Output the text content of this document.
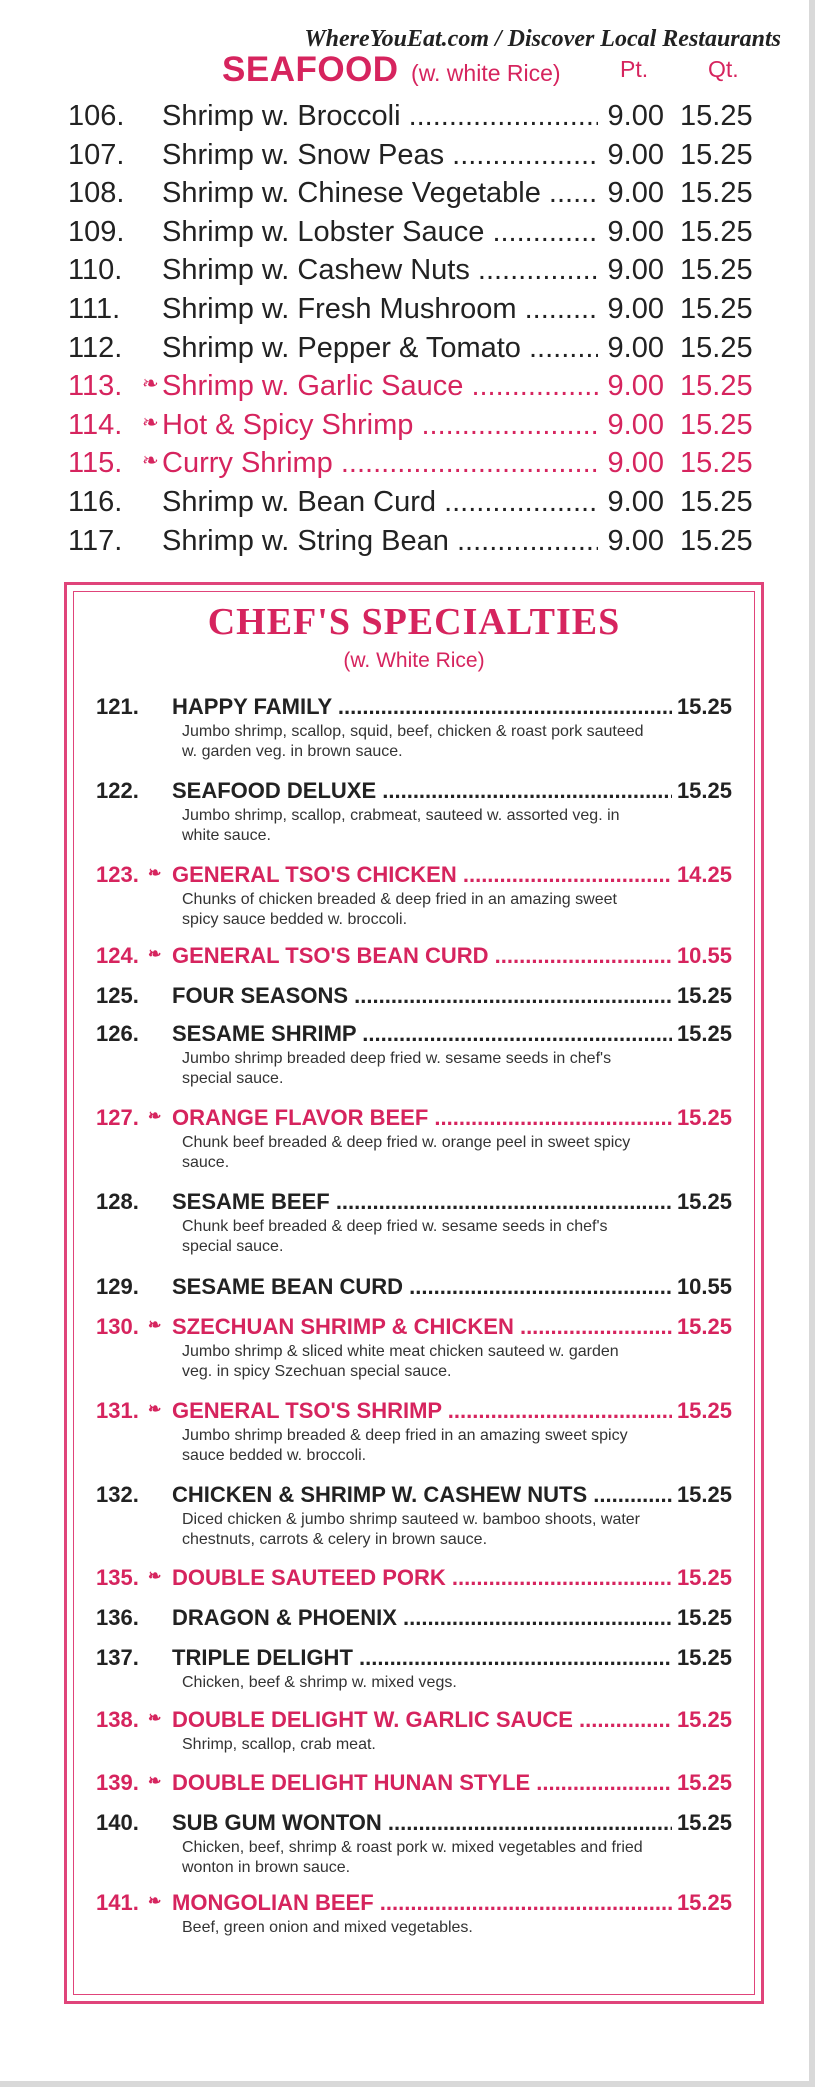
WhereYouEat.com / Discover Local Restaurants
SEAFOOD (w. white Rice)	Pt.	Qt.
106. Shrimp w. Broccoli .....	9.00 15.25
107. Shrimp w. Snow Peas .....	9.00 15.25
108. Shrimp w. Chinese Vegetable .....	9.00 15.25
109. Shrimp w. Lobster Sauce .....	9.00 15.25
110. Shrimp w. Cashew Nuts .....	9.00 15.25
111. Shrimp w. Fresh Mushroom .....	9.00 15.25
112. Shrimp w. Pepper & Tomato .....	9.00 15.25
113. ❧ Shrimp w. Garlic Sauce .....	9.00 15.25
114. ❧ Hot & Spicy Shrimp .....	9.00 15.25
115. ❧ Curry Shrimp .....	9.00 15.25
116. Shrimp w. Bean Curd .....	9.00 15.25
117. Shrimp w. String Bean .....	9.00 15.25
CHEF'S SPECIALTIES
(w. White Rice)
121. HAPPY FAMILY .....	15.25
Jumbo shrimp, scallop, squid, beef, chicken & roast pork sauteed w. garden veg. in brown sauce.
122. SEAFOOD DELUXE .....	15.25
Jumbo shrimp, scallop, crabmeat, sauteed w. assorted veg. in white sauce.
123. ❧ GENERAL TSO'S CHICKEN .....	14.25
Chunks of chicken breaded & deep fried in an amazing sweet spicy sauce bedded w. broccoli.
124. ❧ GENERAL TSO'S BEAN CURD .....	10.55
125. FOUR SEASONS .....	15.25
126. SESAME SHRIMP .....	15.25
Jumbo shrimp breaded deep fried w. sesame seeds in chef's special sauce.
127. ❧ ORANGE FLAVOR BEEF .....	15.25
Chunk beef breaded & deep fried w. orange peel in sweet spicy sauce.
128. SESAME BEEF .....	15.25
Chunk beef breaded & deep fried w. sesame seeds in chef's special sauce.
129. SESAME BEAN CURD .....	10.55
130. ❧ SZECHUAN SHRIMP & CHICKEN .....	15.25
Jumbo shrimp & sliced white meat chicken sauteed w. garden veg. in spicy Szechuan special sauce.
131. ❧ GENERAL TSO'S SHRIMP .....	15.25
Jumbo shrimp breaded & deep fried in an amazing sweet spicy sauce bedded w. broccoli.
132. CHICKEN & SHRIMP W. CASHEW NUTS .....	15.25
Diced chicken & jumbo shrimp sauteed w. bamboo shoots, water chestnuts, carrots & celery in brown sauce.
135. ❧ DOUBLE SAUTEED PORK .....	15.25
136. DRAGON & PHOENIX .....	15.25
137. TRIPLE DELIGHT .....	15.25
Chicken, beef & shrimp w. mixed vegs.
138. ❧ DOUBLE DELIGHT W. GARLIC SAUCE .....	15.25
Shrimp, scallop, crab meat.
139. ❧ DOUBLE DELIGHT HUNAN STYLE .....	15.25
140. SUB GUM WONTON .....	15.25
Chicken, beef, shrimp & roast pork w. mixed vegetables and fried wonton in brown sauce.
141. ❧ MONGOLIAN BEEF .....	15.25
Beef, green onion and mixed vegetables.
